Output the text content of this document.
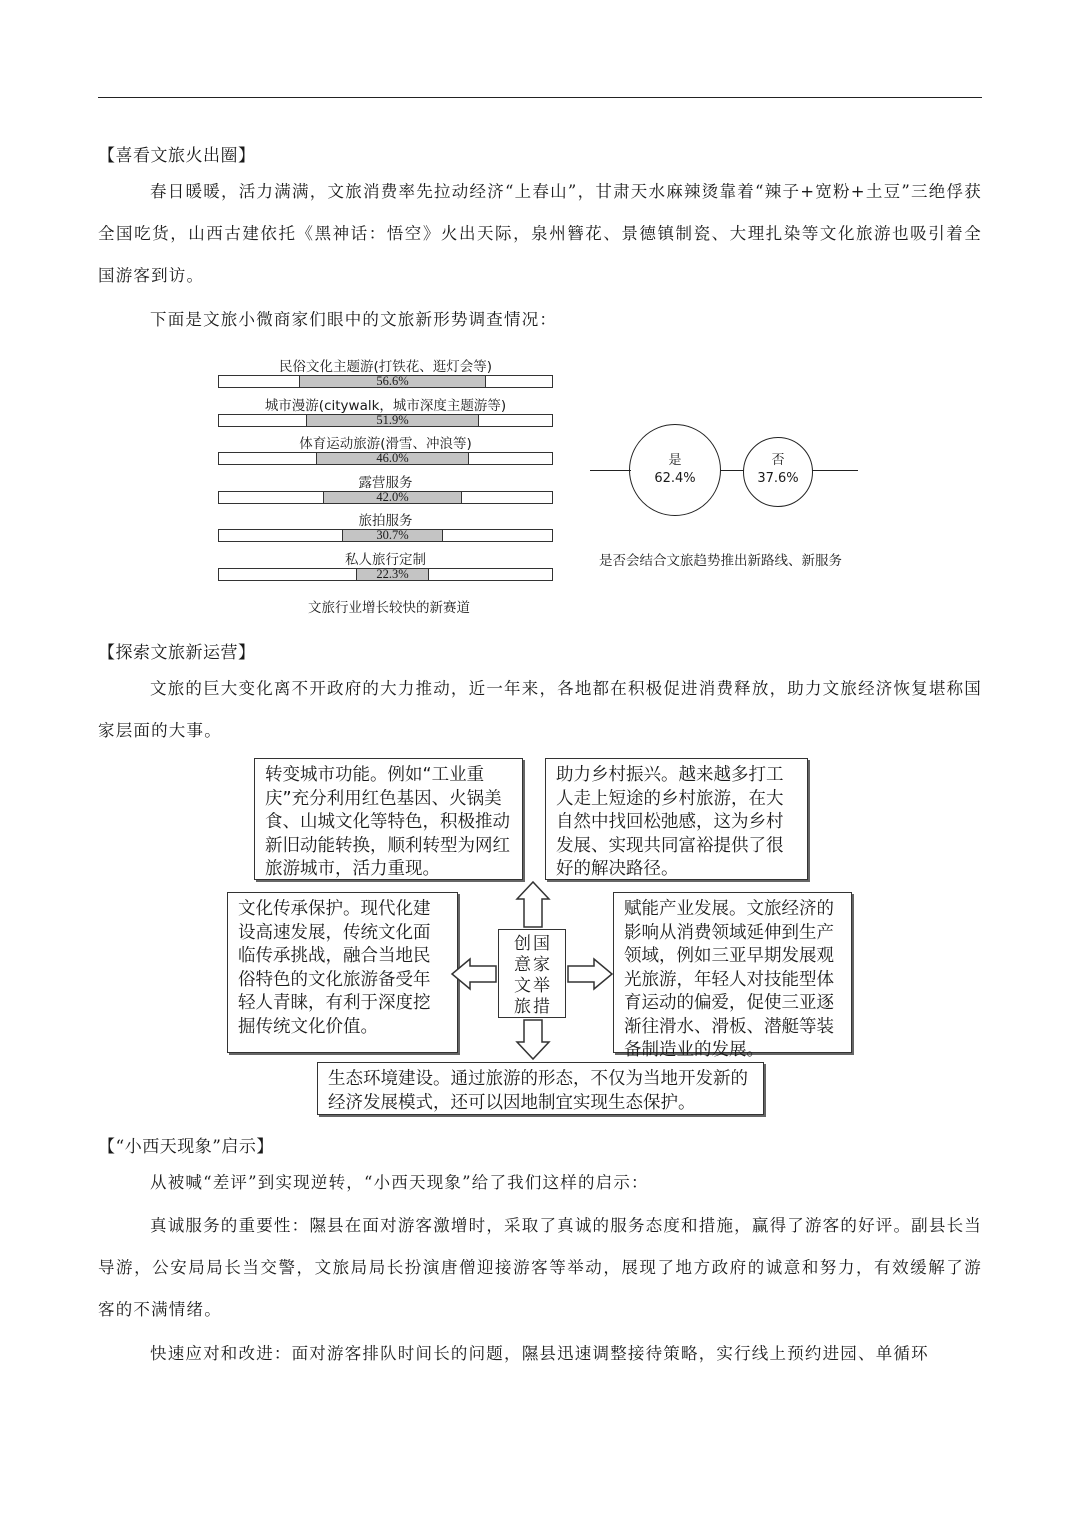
【喜看文旅火出圈】

春日暖暖，活力满满，文旅消费率先拉动经济“上春山”，甘肃天水麻辣烫靠着“辣子+宽粉+土豆”三绝俘获全国吃货，山西古建依托《黑神话：悟空》火出天际，泉州簪花、景德镇制瓷、大理扎染等文化旅游也吸引着全国游客到访。

下面是文旅小微商家们眼中的文旅新形势调查情况：

民俗文化主题游(打铁花、逛灯会等)
56.6%
城市漫游(citywalk，城市深度主题游等)
51.9%
体育运动旅游(滑雪、冲浪等)
46.0%
露营服务
42.0%
旅拍服务
30.7%
私人旅行定制
22.3%
文旅行业增长较快的新赛道
是
62.4%
否
37.6%
是否会结合文旅趋势推出新路线、新服务
【探索文旅新运营】

文旅的巨大变化离不开政府的大力推动，近一年来，各地都在积极促进消费释放，助力文旅经济恢复堪称国家层面的大事。

转变城市功能。例如“工业重庆”充分利用红色基因、火锅美食、山城文化等特色，积极推动新旧动能转换，顺利转型为网红旅游城市，活力重现。
助力乡村振兴。越来越多打工人走上短途的乡村旅游，在大自然中找回松弛感，这为乡村发展、实现共同富裕提供了很好的解决路径。
文化传承保护。现代化建设高速发展，传统文化面临传承挑战，融合当地民俗特色的文化旅游备受年轻人青睐，有利于深度挖掘传统文化价值。
赋能产业发展。文旅经济的影响从消费领域延伸到生产领域，例如三亚早期发展观光旅游，年轻人对技能型体育运动的偏爱，促使三亚逐渐往滑水、滑板、潜艇等装备制造业的发展。
生态环境建设。通过旅游的形态，不仅为当地开发新的经济发展模式，还可以因地制宜实现生态保护。
创
意
文
旅
国
家
举
措
【“小西天现象”启示】

从被喊“差评”到实现逆转，“小西天现象”给了我们这样的启示：

真诚服务的重要性：隰县在面对游客激增时，采取了真诚的服务态度和措施，赢得了游客的好评。副县长当导游，公安局局长当交警，文旅局局长扮演唐僧迎接游客等举动，展现了地方政府的诚意和努力，有效缓解了游客的不满情绪。

快速应对和改进：面对游客排队时间长的问题，隰县迅速调整接待策略，实行线上预约进园、单循环
